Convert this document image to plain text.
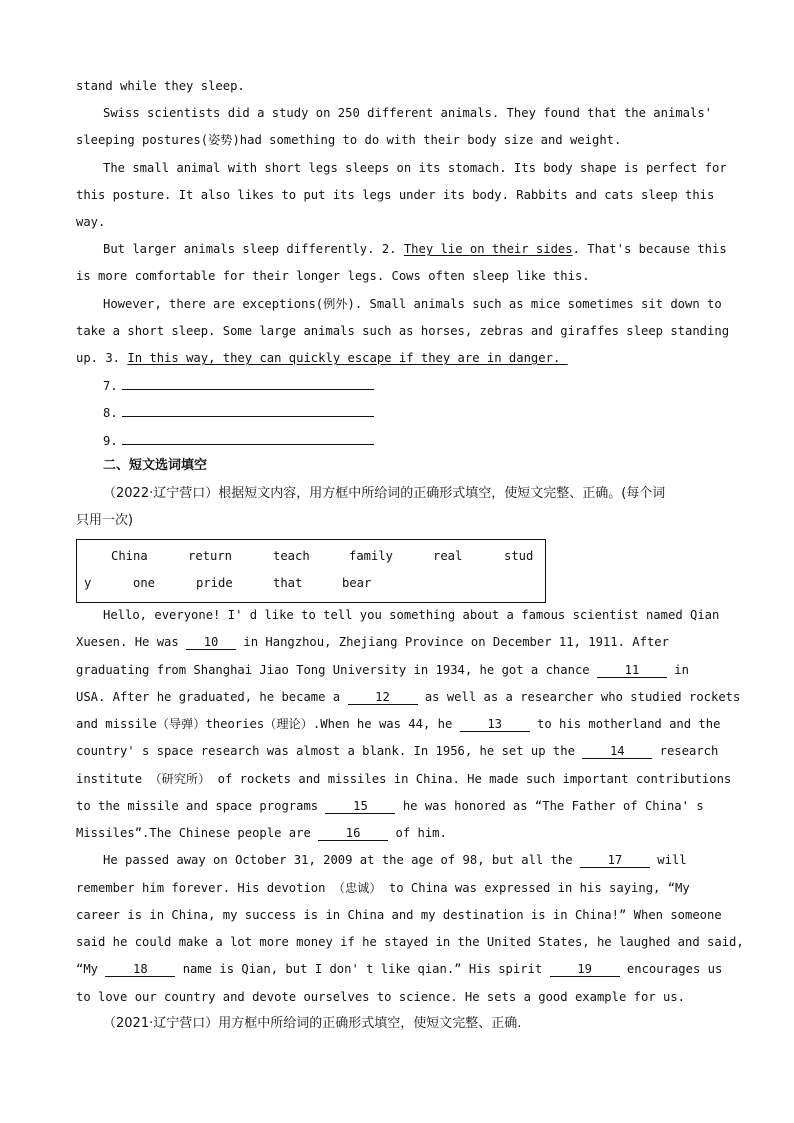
stand while they sleep.
Swiss scientists did a study on 250 different animals. They found that the animals'
sleeping postures(姿势)had something to do with their body size and weight.
The small animal with short legs sleeps on its stomach. Its body shape is perfect for
this posture. It also likes to put its legs under its body. Rabbits and cats sleep this
way.
But larger animals sleep differently. 2. They lie on their sides. That's because this
is more comfortable for their longer legs. Cows often sleep like this.
However, there are exceptions(例外). Small animals such as mice sometimes sit down to
take a short sleep. Some large animals such as horses, zebras and giraffes sleep standing
up. 3. In this way, they can quickly escape if they are in danger.
7.
8.
9.
二、短文选词填空
（2022·辽宁营口）根据短文内容，用方框中所给词的正确形式填空，使短文完整、正确。(每个词
只用一次)
China	return	teach	family	real	stud
y	one	pride	that	bear
Hello, everyone! I' d like to tell you something about a famous scientist named Qian
Xuesen. He was 10 in Hangzhou, Zhejiang Province on December 11, 1911. After
graduating from Shanghai Jiao Tong University in 1934, he got a chance 11 in
USA. After he graduated, he became a 12 as well as a researcher who studied rockets
and missile（导弹）theories（理论）.When he was 44, he 13 to his motherland and the
country' s space research was almost a blank. In 1956, he set up the 14 research
institute （研究所） of rockets and missiles in China. He made such important contributions
to the missile and space programs 15 he was honored as “The Father of China' s
Missiles”.The Chinese people are 16 of him.
He passed away on October 31, 2009 at the age of 98, but all the 17 will
remember him forever. His devotion （忠诚） to China was expressed in his saying, “My
career is in China, my success is in China and my destination is in China!” When someone
said he could make a lot more money if he stayed in the United States, he laughed and said,
“My 18 name is Qian, but I don' t like qian.” His spirit 19 encourages us
to love our country and devote ourselves to science. He sets a good example for us.
（2021·辽宁营口）用方框中所给词的正确形式填空，使短文完整、正确.
